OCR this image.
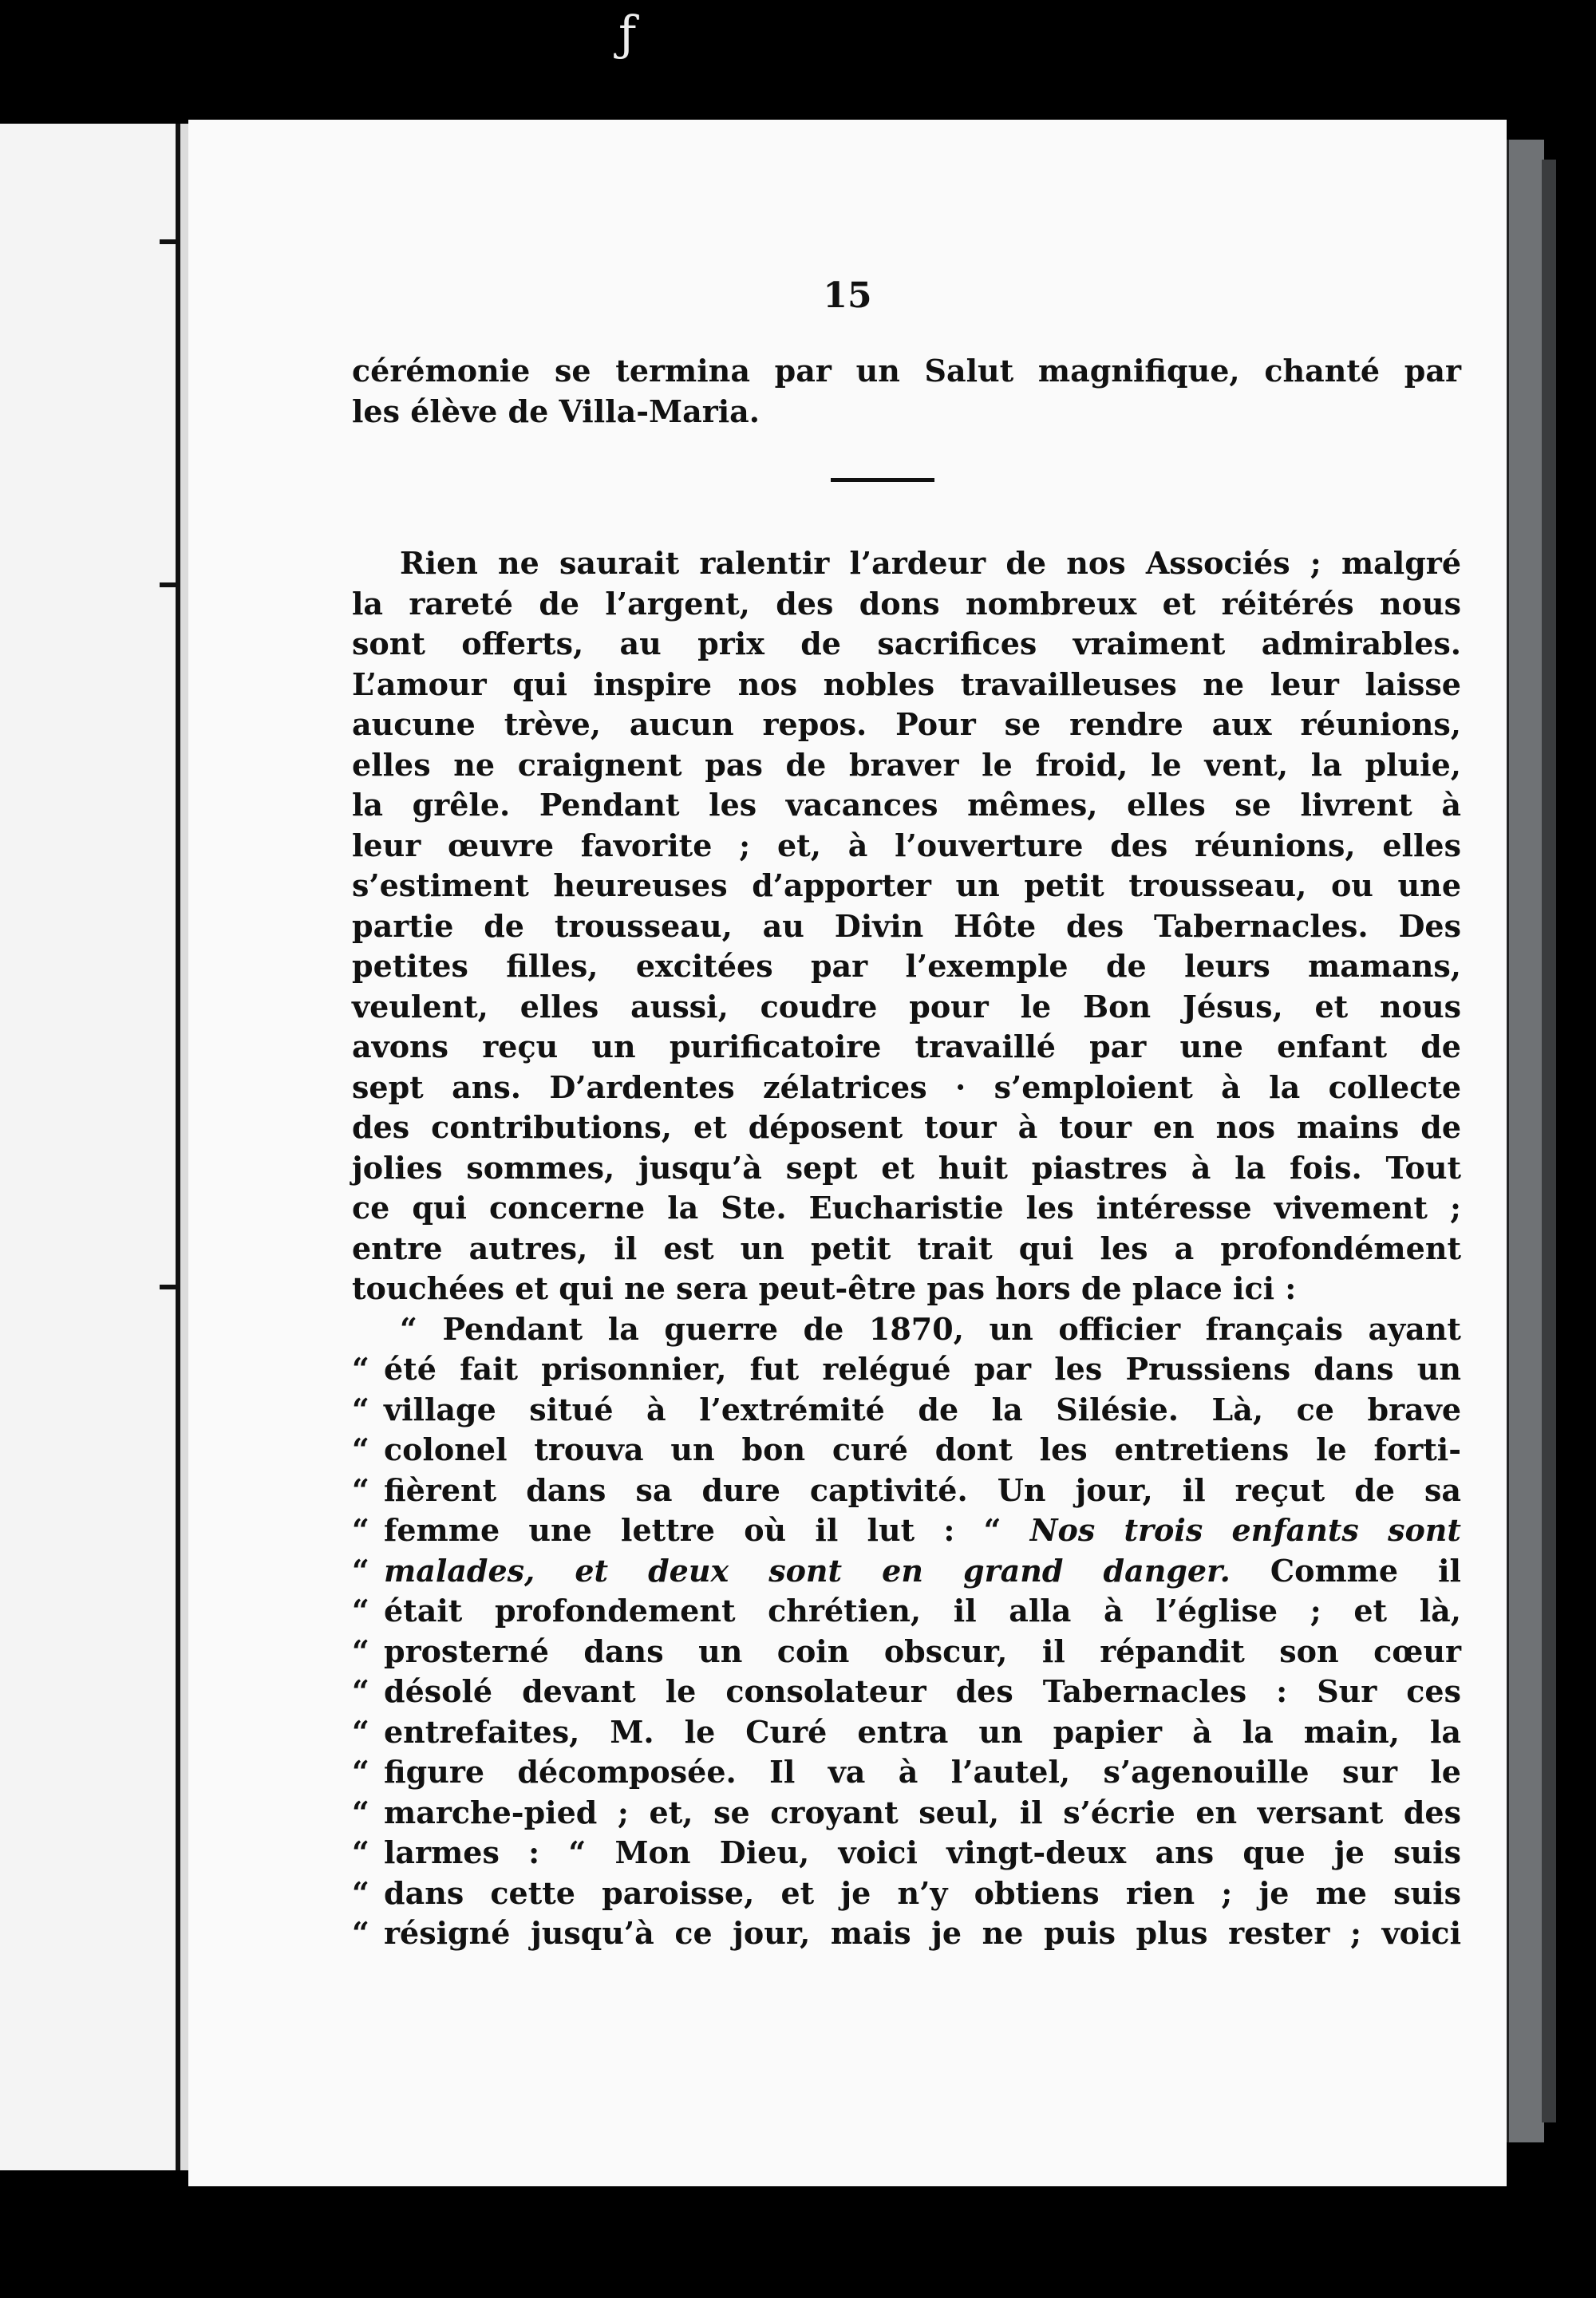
ƒ
15
cérémonie se termina par un Salut magnifique, chanté par
les élève de Villa-Maria.
Rien ne saurait ralentir l’ardeur de nos Associés ; malgré
la rareté de l’argent, des dons nombreux et réitérés nous
sont offerts, au prix de sacrifices vraiment admirables.
L’amour qui inspire nos nobles travailleuses ne leur laisse
aucune trève, aucun repos. Pour se rendre aux réunions,
elles ne craignent pas de braver le froid, le vent, la pluie,
la grêle. Pendant les vacances mêmes, elles se livrent à
leur œuvre favorite ; et, à l’ouverture des réunions, elles
s’estiment heureuses d’apporter un petit trousseau, ou une
partie de trousseau, au Divin Hôte des Tabernacles. Des
petites filles, excitées par l’exemple de leurs mamans,
veulent, elles aussi, coudre pour le Bon Jésus, et nous
avons reçu un purificatoire travaillé par une enfant de
sept ans. D’ardentes zélatrices · s’emploient à la collecte
des contributions, et déposent tour à tour en nos mains de
jolies sommes, jusqu’à sept et huit piastres à la fois. Tout
ce qui concerne la Ste. Eucharistie les intéresse vivement ;
entre autres, il est un petit trait qui les a profondément
touchées et qui ne sera peut-être pas hors de place ici :
“ Pendant la guerre de 1870, un officier français ayant
“ été fait prisonnier, fut relégué par les Prussiens dans un
“ village situé à l’extrémité de la Silésie. Là, ce brave
“ colonel trouva un bon curé dont les entretiens le forti-
“ fièrent dans sa dure captivité. Un jour, il reçut de sa
“ femme une lettre où il lut : “ Nos trois enfants sont
“ malades, et deux sont en grand danger. Comme il
“ était profondement chrétien, il alla à l’église ; et là,
“ prosterné dans un coin obscur, il répandit son cœur
“ désolé devant le consolateur des Tabernacles : Sur ces
“ entrefaites, M. le Curé entra un papier à la main, la
“ figure décomposée. Il va à l’autel, s’agenouille sur le
“ marche-pied ; et, se croyant seul, il s’écrie en versant des
“ larmes : “ Mon Dieu, voici vingt-deux ans que je suis
“ dans cette paroisse, et je n’y obtiens rien ; je me suis
“ résigné jusqu’à ce jour, mais je ne puis plus rester ; voici
